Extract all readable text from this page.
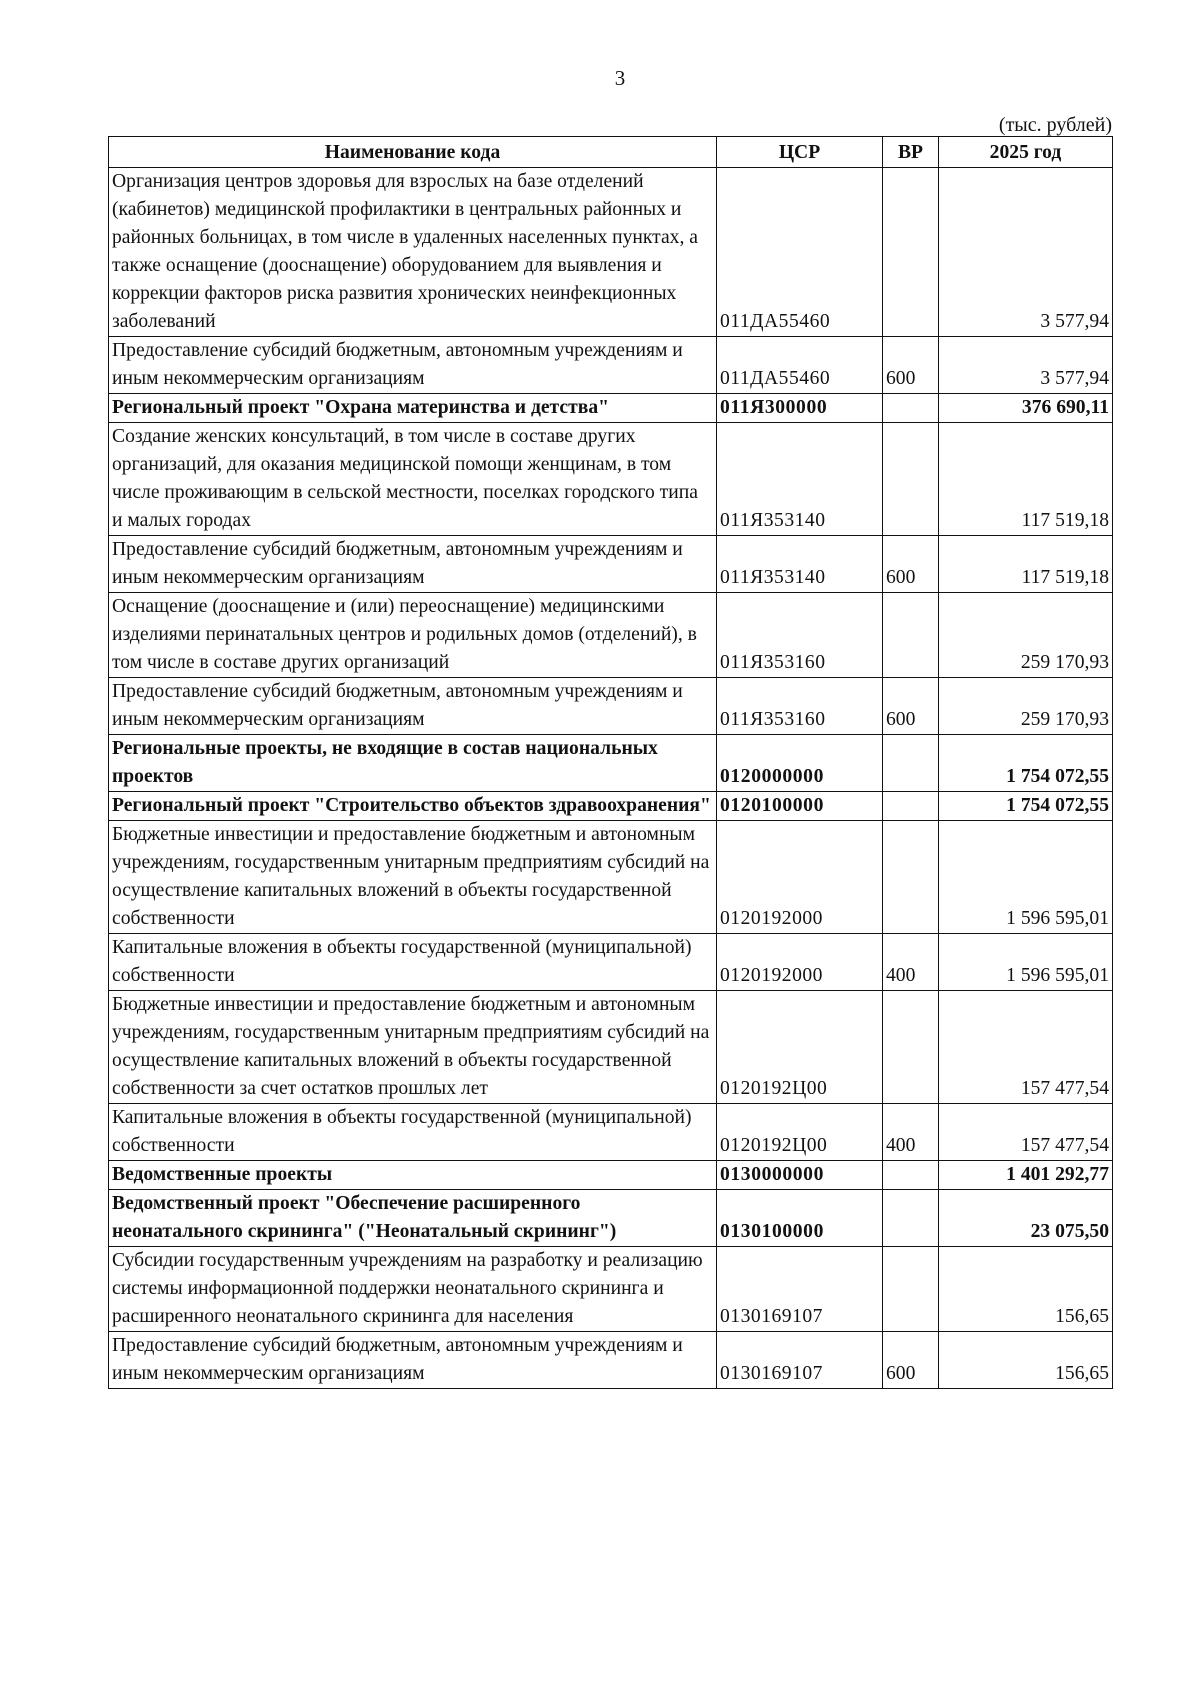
3
(тыс. рублей)
Наименование кода	ЦСР	ВР	2025 год
Организация центров здоровья для взрослых на базе отделений (кабинетов) медицинской профилактики в центральных районных и районных больницах, в том числе в удаленных населенных пунктах, а также оснащение (дооснащение) оборудованием для выявления и коррекции факторов риска развития хронических неинфекционных заболеваний	011ДА55460		3 577,94
Предоставление субсидий бюджетным, автономным учреждениям и иным некоммерческим организациям	011ДА55460	600	3 577,94
Региональный проект "Охрана материнства и детства"	011Я300000		376 690,11
Создание женских консультаций, в том числе в составе других организаций, для оказания медицинской помощи женщинам, в том числе проживающим в сельской местности, поселках городского типа и малых городах	011Я353140		117 519,18
Предоставление субсидий бюджетным, автономным учреждениям и иным некоммерческим организациям	011Я353140	600	117 519,18
Оснащение (дооснащение и (или) переоснащение) медицинскими изделиями перинатальных центров и родильных домов (отделений), в том числе в составе других организаций	011Я353160		259 170,93
Предоставление субсидий бюджетным, автономным учреждениям и иным некоммерческим организациям	011Я353160	600	259 170,93
Региональные проекты, не входящие в состав национальных проектов	0120000000		1 754 072,55
Региональный проект "Строительство объектов здравоохранения"	0120100000		1 754 072,55
Бюджетные инвестиции и предоставление бюджетным и автономным учреждениям, государственным унитарным предприятиям субсидий на осуществление капитальных вложений в объекты государственной собственности	0120192000		1 596 595,01
Капитальные вложения в объекты государственной (муниципальной) собственности	0120192000	400	1 596 595,01
Бюджетные инвестиции и предоставление бюджетным и автономным учреждениям, государственным унитарным предприятиям субсидий на осуществление капитальных вложений в объекты государственной собственности за счет остатков прошлых лет	0120192Ц00		157 477,54
Капитальные вложения в объекты государственной (муниципальной) собственности	0120192Ц00	400	157 477,54
Ведомственные проекты	0130000000		1 401 292,77
Ведомственный проект "Обеспечение расширенного неонатального скрининга" ("Неонатальный скрининг")	0130100000		23 075,50
Субсидии государственным учреждениям на разработку и реализацию системы информационной поддержки неонатального скрининга и расширенного неонатального скрининга для населения	0130169107		156,65
Предоставление субсидий бюджетным, автономным учреждениям и иным некоммерческим организациям	0130169107	600	156,65
